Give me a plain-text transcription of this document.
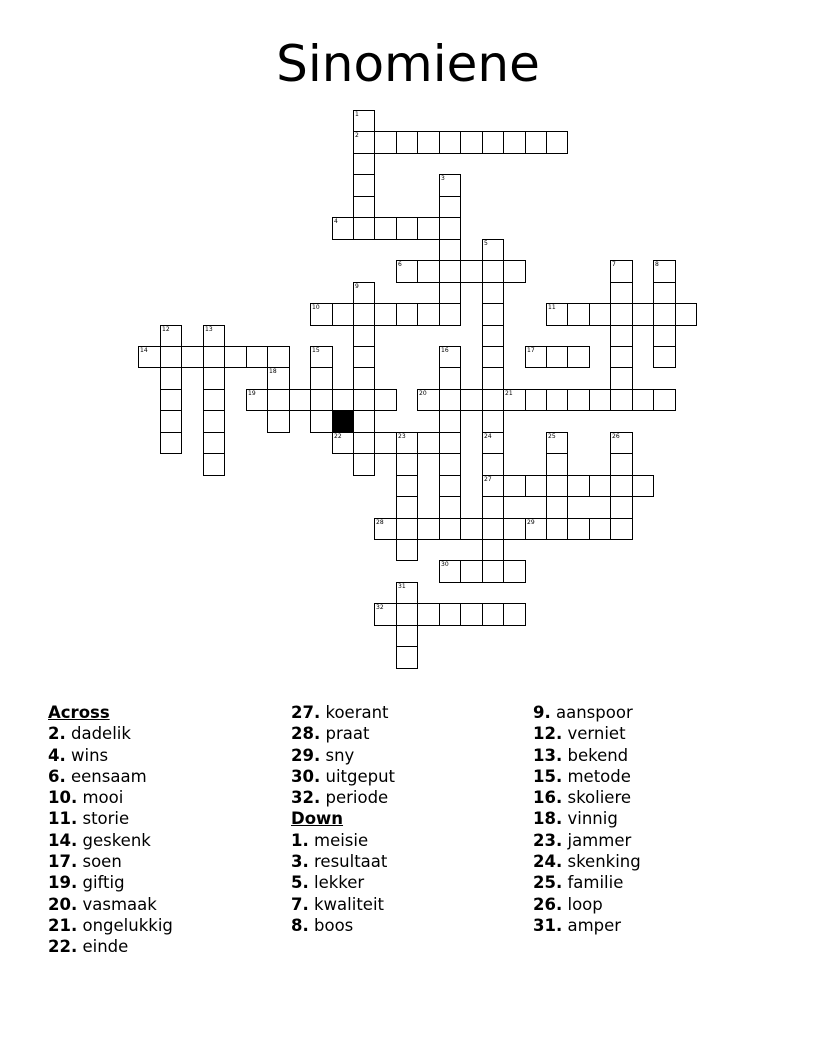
Sinomiene
1
2
3
4
5
24
27
6	7	8
9
10	11
12	13
14	15	16	17
18
19	20	21
22	23	25	26
28	29
30
31
32
Across
2. dadelik
4. wins
6. eensaam
10. mooi
11. storie
14. geskenk
17. soen
19. giftig
20. vasmaak
21. ongelukkig
22. einde
27. koerant
28. praat
29. sny
30. uitgeput
32. periode
Down
1. meisie
3. resultaat
5. lekker
7. kwaliteit
8. boos
9. aanspoor
12. verniet
13. bekend
15. metode
16. skoliere
18. vinnig
23. jammer
24. skenking
25. familie
26. loop
31. amper
